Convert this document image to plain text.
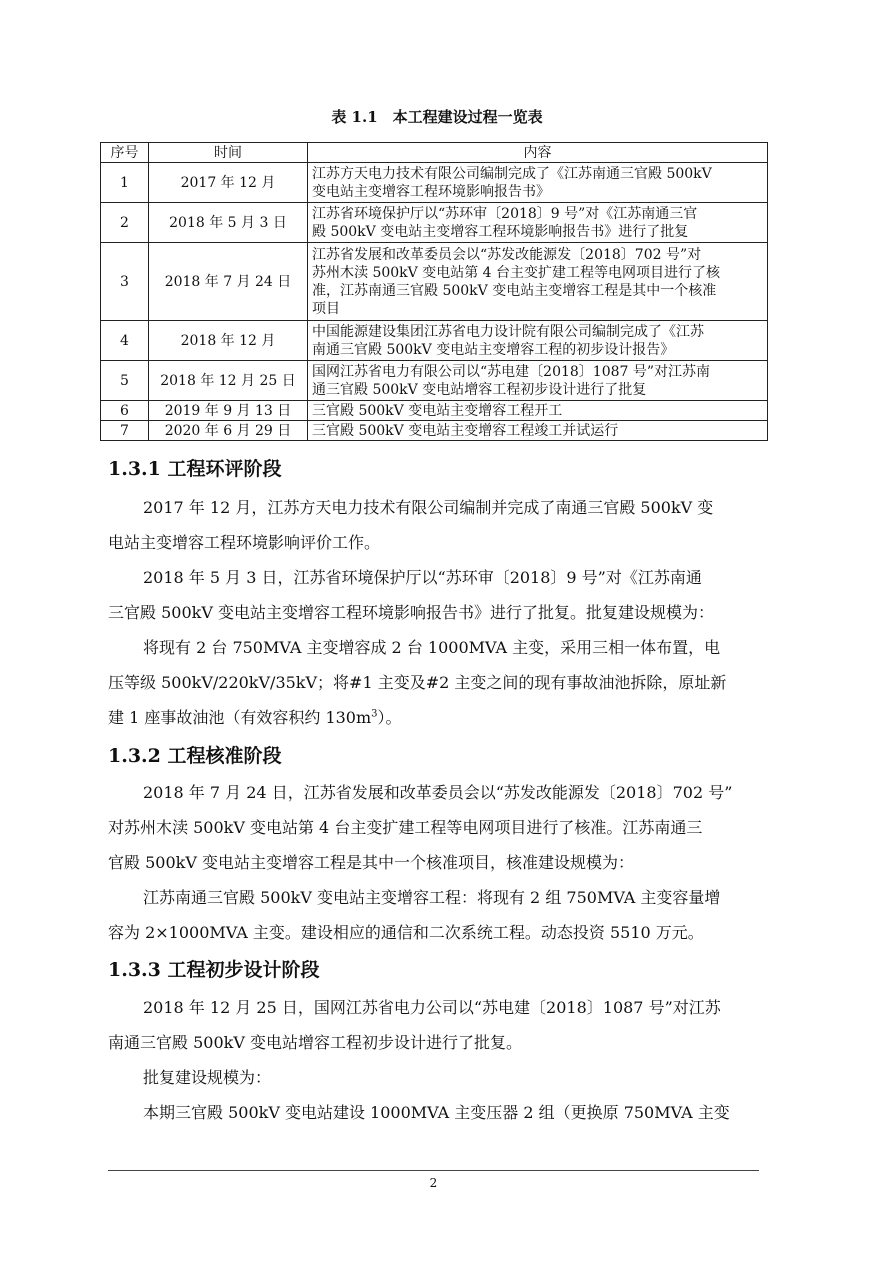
表 1.1　本工程建设过程一览表
序号	时间	内容
1	2017 年 12 月	江苏方天电力技术有限公司编制完成了《江苏南通三官殿 500kV
变电站主变增容工程环境影响报告书》

2	2018 年 5 月 3 日	江苏省环境保护厅以“苏环审〔2018〕9 号”对《江苏南通三官
殿 500kV 变电站主变增容工程环境影响报告书》进行了批复

3	2018 年 7 月 24 日	江苏省发展和改革委员会以“苏发改能源发〔2018〕702 号”对
苏州木渎 500kV 变电站第 4 台主变扩建工程等电网项目进行了核
准，江苏南通三官殿 500kV 变电站主变增容工程是其中一个核准
项目

4	2018 年 12 月	中国能源建设集团江苏省电力设计院有限公司编制完成了《江苏
南通三官殿 500kV 变电站主变增容工程的初步设计报告》

5	2018 年 12 月 25 日	国网江苏省电力有限公司以“苏电建〔2018〕1087 号”对江苏南
通三官殿 500kV 变电站增容工程初步设计进行了批复

6	2019 年 9 月 13 日	三官殿 500kV 变电站主变增容工程开工

7	2020 年 6 月 29 日	三官殿 500kV 变电站主变增容工程竣工并试运行
1.3.1 工程环评阶段
2017 年 12 月，江苏方天电力技术有限公司编制并完成了南通三官殿 500kV 变
电站主变增容工程环境影响评价工作。
2018 年 5 月 3 日，江苏省环境保护厅以“苏环审〔2018〕9 号”对《江苏南通
三官殿 500kV 变电站主变增容工程环境影响报告书》进行了批复。批复建设规模为：
将现有 2 台 750MVA 主变增容成 2 台 1000MVA 主变，采用三相一体布置，电
压等级 500kV/220kV/35kV；将#1 主变及#2 主变之间的现有事故油池拆除，原址新
建 1 座事故油池（有效容积约 $130m^3$）。
1.3.2 工程核准阶段
2018 年 7 月 24 日，江苏省发展和改革委员会以“苏发改能源发〔2018〕702 号”
对苏州木渎 500kV 变电站第 4 台主变扩建工程等电网项目进行了核准。江苏南通三
官殿 500kV 变电站主变增容工程是其中一个核准项目，核准建设规模为：
江苏南通三官殿 500kV 变电站主变增容工程：将现有 2 组 750MVA 主变容量增
容为 2×1000MVA 主变。建设相应的通信和二次系统工程。动态投资 5510 万元。
1.3.3 工程初步设计阶段
2018 年 12 月 25 日，国网江苏省电力公司以“苏电建〔2018〕1087 号”对江苏
南通三官殿 500kV 变电站增容工程初步设计进行了批复。
批复建设规模为：
本期三官殿 500kV 变电站建设 1000MVA 主变压器 2 组（更换原 750MVA 主变
2
